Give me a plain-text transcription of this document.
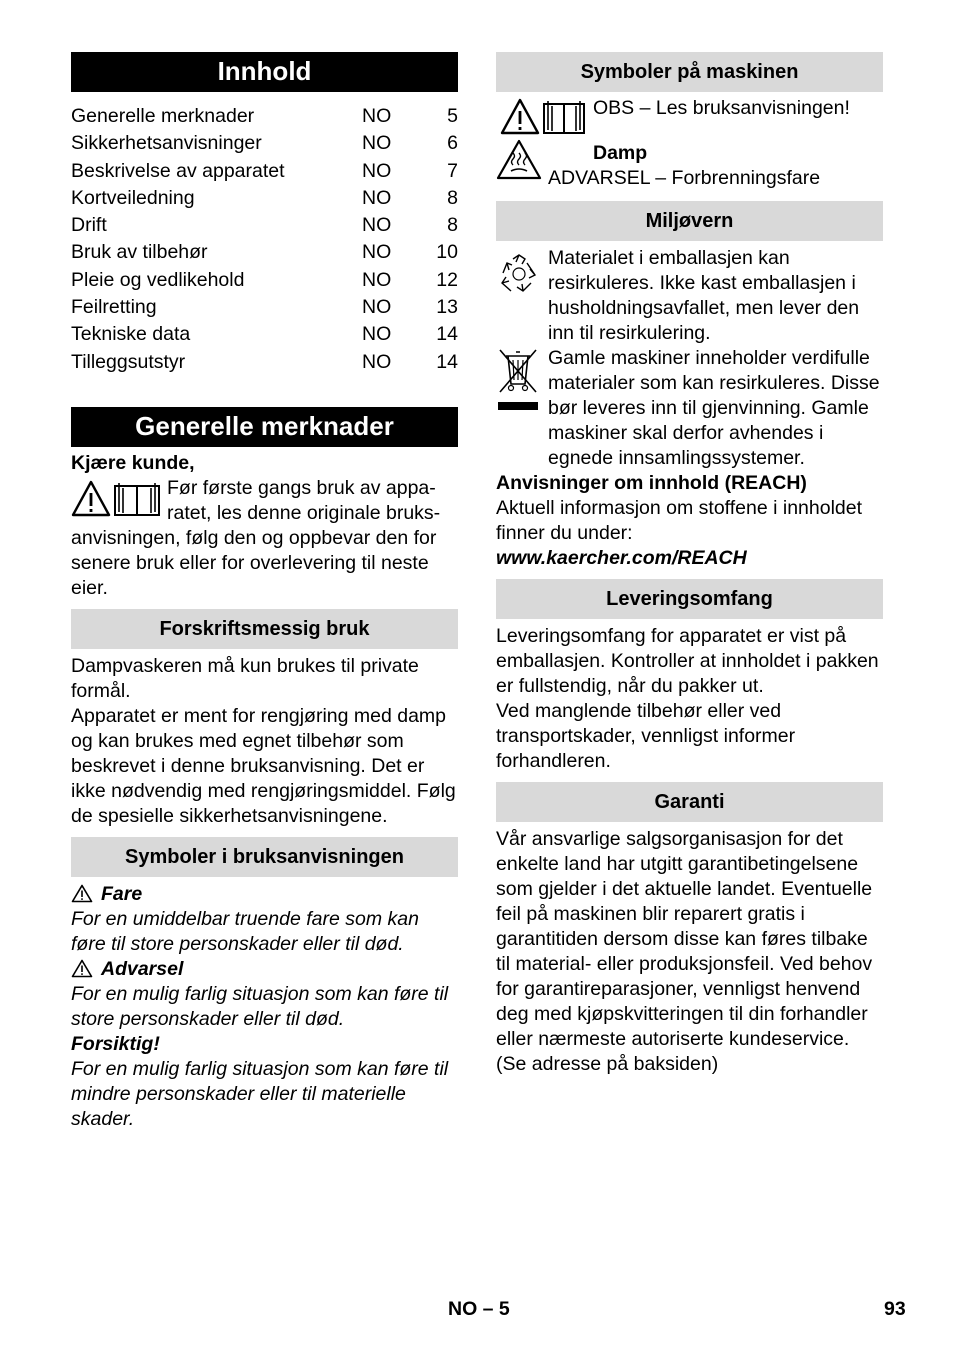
Innhold
Generelle merknader	NO	5
Sikkerhetsanvisninger	NO	6
Beskrivelse av apparatet	NO	7
Kortveiledning	NO	8
Drift	NO	8
Bruk av tilbehør	NO	10
Pleie og vedlikehold	NO	12
Feilretting	NO	13
Tekniske data	NO	14
Tilleggsutstyr	NO	14
Generelle merknader
Kjære kunde,
Før første gangs bruk av appa-
ratet, les denne originale bruks-
anvisningen, følg den og oppbevar den for senere bruk eller for overlevering til neste eier.
Forskriftsmessig bruk
Dampvaskeren må kun brukes til private formål.
Apparatet er ment for rengjøring med damp og kan brukes med egnet tilbehør som beskrevet i denne bruksanvisning. Det er ikke nødvendig med rengjøringsmiddel. Følg de spesielle sikkerhetsanvisningene.
Symboler i bruksanvisningen
Fare
For en umiddelbar truende fare som kan føre til store personskader eller til død.
Advarsel
For en mulig farlig situasjon som kan føre til store personskader eller til død.
Forsiktig!
For en mulig farlig situasjon som kan føre til mindre personskader eller til materielle skader.
Symboler på maskinen
OBS – Les bruksanvisningen!
Damp
ADVARSEL – Forbrenningsfare
Miljøvern
Materialet i emballasjen kan resirkuleres. Ikke kast emballasjen i husholdningsavfallet, men lever den inn til resirkulering.
Gamle maskiner inneholder verdifulle materialer som kan resirkuleres. Disse bør leveres inn til gjenvinning. Gamle maskiner skal derfor avhendes i egnede innsamlingssystemer.
Anvisninger om innhold (REACH)
Aktuell informasjon om stoffene i innholdet finner du under:
www.kaercher.com/REACH
Leveringsomfang
Leveringsomfang for apparatet er vist på emballasjen. Kontroller at innholdet i pakken er fullstendig, når du pakker ut.
Ved manglende tilbehør eller ved transportskader, vennligst informer forhandleren.
Garanti
Vår ansvarlige salgsorganisasjon for det enkelte land har utgitt garantibetingelsene som gjelder i det aktuelle landet. Eventuelle feil på maskinen blir reparert gratis i garantitiden dersom disse kan føres tilbake til material- eller produksjonsfeil. Ved behov for garantireparasjoner, vennligst henvend deg med kjøpskvitteringen til din forhandler eller nærmeste autoriserte kundeservice. (Se adresse på baksiden)
NO – 5	93
